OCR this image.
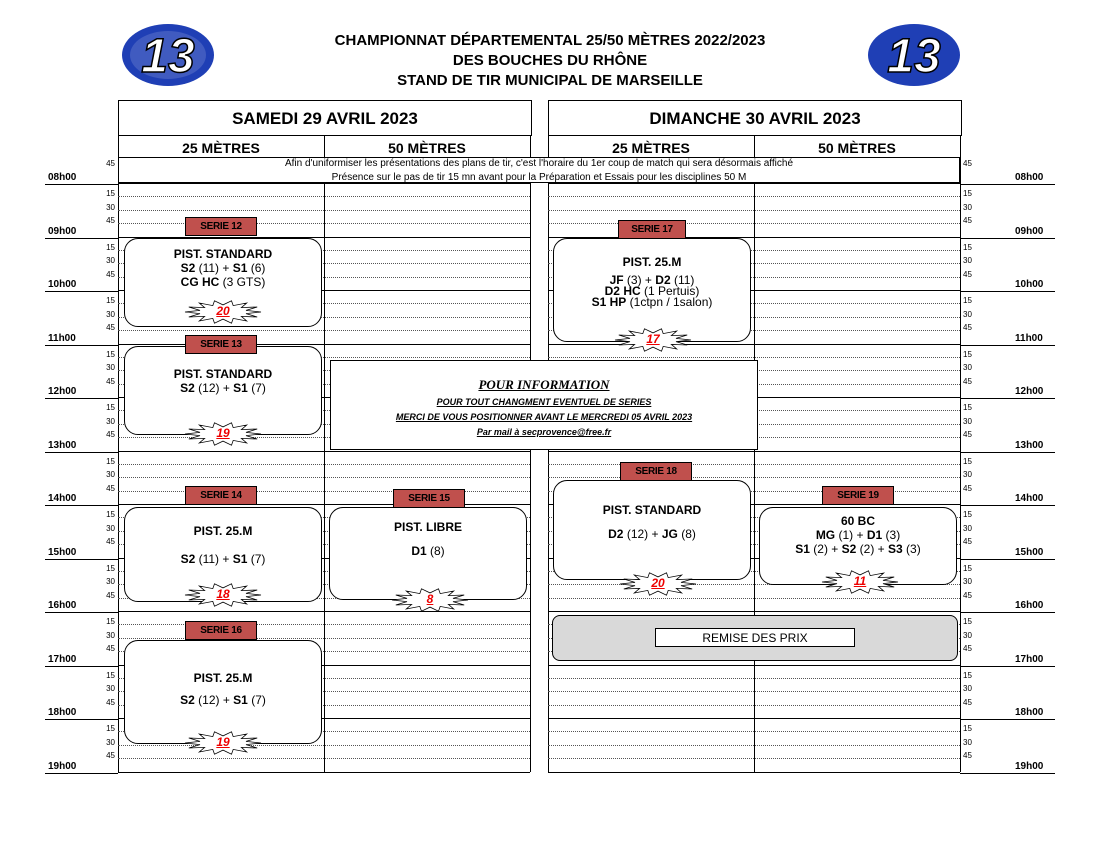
13	13
CHAMPIONNAT DÉPARTEMENTAL 25/50 MÈTRES 2022/2023
DES BOUCHES DU RHÔNE
STAND DE TIR MUNICIPAL DE MARSEILLE
SAMEDI 29 AVRIL 2023	DIMANCHE 30 AVRIL 2023
25 MÈTRES	50 MÈTRES	25 MÈTRES	50 MÈTRES
45	45
08h00	08h00
15	15
30	30
45	45
09h00	09h00
15	15
30	30
45	45
10h00	10h00
15	15
30	30
45	45
11h00	11h00
15	15
30	30
45	45
12h00	12h00
15	15
30	30
45	45
13h00	13h00
15	15
30	30
45	45
14h00	14h00
15	15
30	30
45	45
15h00	15h00
15	15
30	30
45	45
16h00	16h00
15	15
30	30
45	45
17h00	17h00
15	15
30	30
45	45
18h00	18h00
15	15
30	30
45	45
19h00	19h00
Afin d'uniformiser les présentations des plans de tir, c'est l'horaire du 1er coup de match qui sera désormais affiché
Présence sur le pas de tir 15 mn avant pour la Préparation et Essais pour les disciplines 50 M
PIST. STANDARD
S2 (11) + S1 (6)
CG HC (3 GTS)
SERIE 12
20
PIST. STANDARD
S2 (12) + S1 (7)
SERIE 13
19
PIST. 25.M
S2 (11) + S1 (7)
SERIE 14
18
PIST. LIBRE
D1 (8)
SERIE 15
8
PIST. 25.M
S2 (12) + S1 (7)
SERIE 16
19
PIST. 25.M
JF (3) + D2 (11)
D2 HC (1 Pertuis)
S1 HP (1ctpn / 1salon)
SERIE 17
17
PIST. STANDARD
D2 (12) + JG (8)
SERIE 18
20
60 BC
MG (1) + D1 (3)
S1 (2) + S2 (2) + S3 (3)
SERIE 19
11
POUR INFORMATION
POUR TOUT CHANGMENT EVENTUEL DE SERIES
MERCI DE VOUS POSITIONNER AVANT LE MERCREDI 05 AVRIL 2023
Par mail à secprovence@free.fr
REMISE DES PRIX
